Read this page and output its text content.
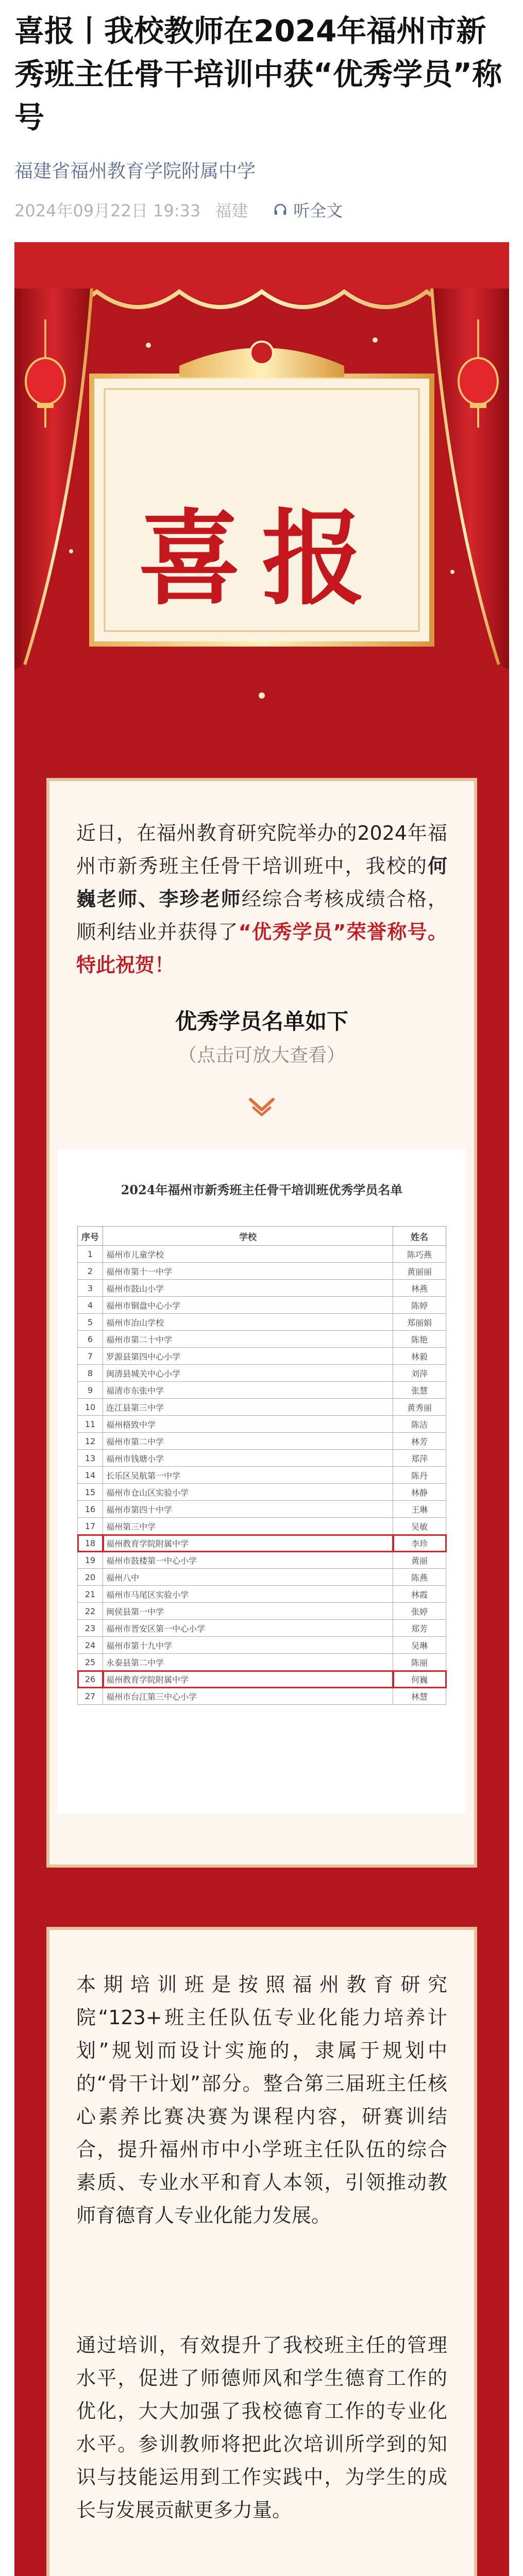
喜报丨我校教师在2024年福州市新秀班主任骨干培训中获“优秀学员”称号
福建省福州教育学院附属中学
2024年09月22日 19:33 福建	听全文
喜报

近日，在福州教育研究院举办的2024年福州市新秀班主任骨干培训班中，我校的何巍老师、李珍老师经综合考核成绩合格，顺利结业并获得了“优秀学员”荣誉称号。特此祝贺！

优秀学员名单如下
（点击可放大查看）
2024年福州市新秀班主任骨干培训班优秀学员名单
序号	学校	姓名
1	福州市儿童学校	陈巧燕
2	福州市第十一中学	黄丽丽
3	福州市鼓山小学	林燕
4	福州市铜盘中心小学	陈婷
5	福州市冶山学校	郑丽娟
6	福州市第二十中学	陈艳
7	罗源县第四中心小学	林毅
8	闽清县城关中心小学	刘萍
9	福清市东张中学	张慧
10	连江县第三中学	黄秀丽
11	福州格致中学	陈洁
12	福州市第二中学	林芳
13	福州市钱塘小学	郑萍
14	长乐区吴航第一中学	陈丹
15	福州市仓山区实验小学	林静
16	福州市第四十中学	王琳
17	福州第三中学	吴敏
18	福州教育学院附属中学	李珍
19	福州市鼓楼第一中心小学	黄丽
20	福州八中	陈燕
21	福州市马尾区实验小学	林霞
22	闽侯县第一中学	张婷
23	福州市晋安区第一中心小学	郑芳
24	福州市第十九中学	吴琳
25	永泰县第二中学	陈丽
26	福州教育学院附属中学	何巍
27	福州市台江第三中心小学	林慧

本期培训班是按照福州教育研究院“123+班主任队伍专业化能力培养计划”规划而设计实施的，隶属于规划中的“骨干计划”部分。整合第三届班主任核心素养比赛决赛为课程内容，研赛训结合，提升福州市中小学班主任队伍的综合素质、专业水平和育人本领，引领推动教师育德育人专业化能力发展。

通过培训，有效提升了我校班主任的管理水平，促进了师德师风和学生德育工作的优化，大大加强了我校德育工作的专业化水平。参训教师将把此次培训所学到的知识与技能运用到工作实践中，为学生的成长与发展贡献更多力量。
